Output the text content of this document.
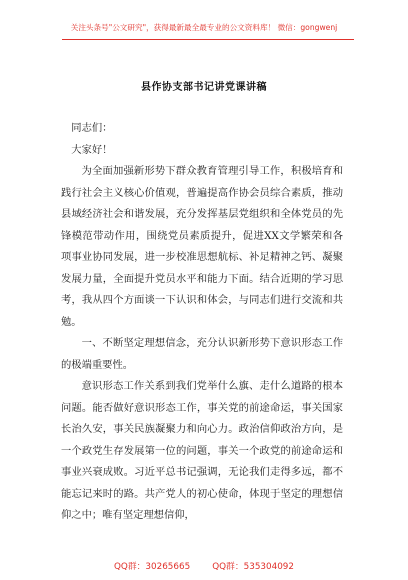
关注头条号"公文研究"，获得最新最全最专业的公文资料库！ 微信：gongwenj
县作协支部书记讲党课讲稿

同志们：

大家好！

为全面加强新形势下群众教育管理引导工作，积极培育和践行社会主义核心价值观，普遍提高作协会员综合素质，推动县域经济社会和谐发展，充分发挥基层党组织和全体党员的先锋模范带动作用，围绕党员素质提升，促进XX文学繁荣和各项事业协同发展，进一步校准思想航标、补足精神之钙、凝聚发展力量，全面提升党员水平和能力下面。结合近期的学习思考，我从四个方面谈一下认识和体会，与同志们进行交流和共勉。

一、不断坚定理想信念，充分认识新形势下意识形态工作的极端重要性。

意识形态工作关系到我们党举什么旗、走什么道路的根本问题。能否做好意识形态工作，事关党的前途命运，事关国家长治久安，事关民族凝聚力和向心力。政治信仰政治方向，是一个政党生存发展第一位的问题，事关一个政党的前途命运和事业兴衰成败。习近平总书记强调，无论我们走得多远，都不能忘记来时的路。共产党人的初心使命，体现于坚定的理想信仰之中；唯有坚定理想信仰，

QQ群：30265665	QQ群：535304092
